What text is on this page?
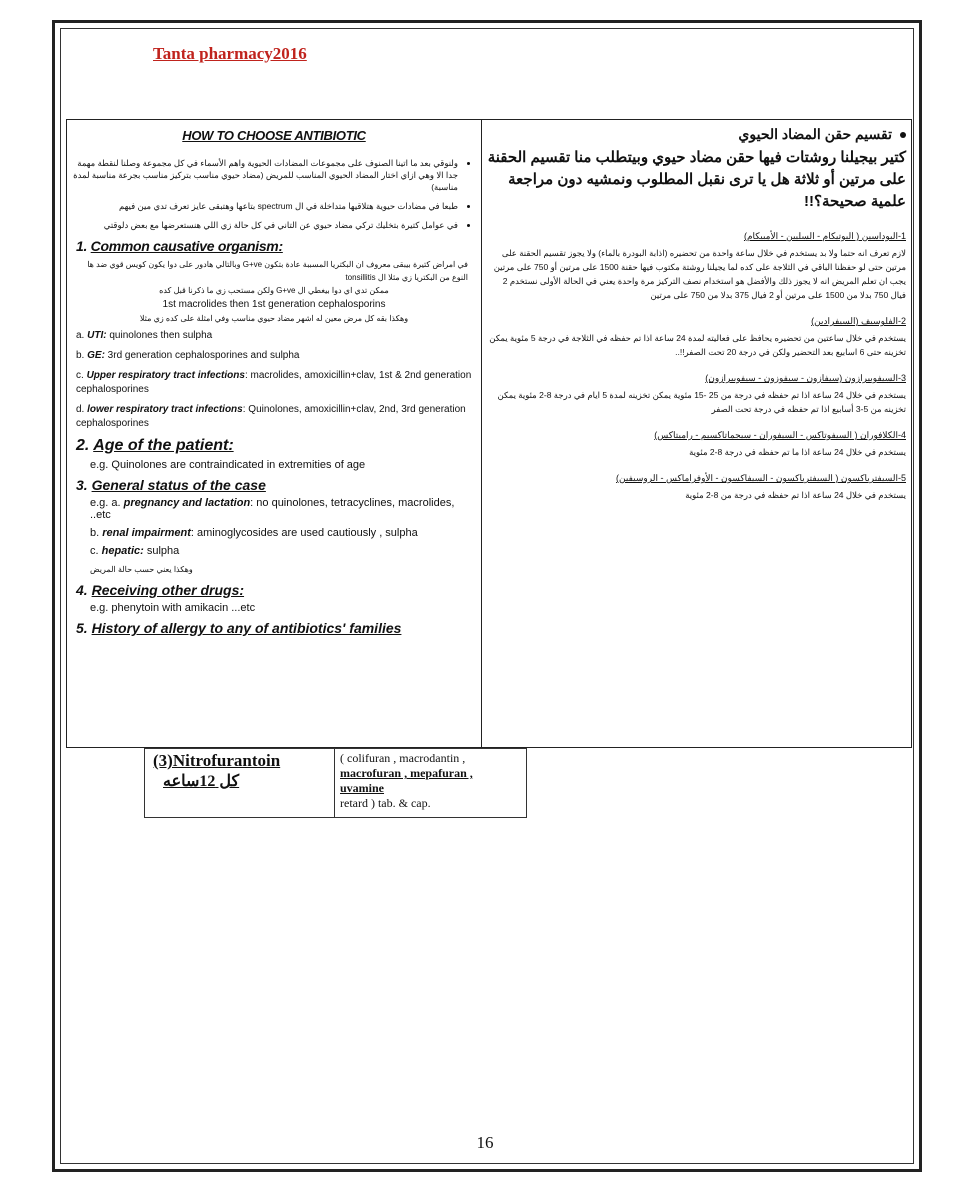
Tanta pharmacy2016
HOW TO CHOOSE ANTIBIOTIC
• ولنوقي بعد ما اتينا الصنوف على مجموعات المضادات الحيوية واهم الأسماء في كل مجموعة وصلنا لنقطة مهمة جدا الا وهي ازاي اختار المضاد الحيوي المناسب للمريض (مضاد حيوي مناسب بتركيز مناسب بجرعة مناسبة لمدة مناسبة)
• طبعا في مضادات حيوية هتلاقيها متداخلة في ال spectrum بتاعها وهتبقى عايز تعرف تدي مين فيهم
• في عوامل كتيرة بتخليك تركي مضاد حيوي عن التاني في كل حالة زي اللي هنستعرضها مع بعض دلوقتي
1. Common causative organism:
في امراض كتيرة بيبقى معروف ان البكتريا المسببة عادة بتكون G+ve وبالتالي هادور على دوا يكون كويس قوي ضد ها النوع من البكتريا زي مثلا ال tonsillitis
ممكن تدي اي دوا بيغطي ال G+ve ولكن مستحب زي ما ذكرنا قبل كده
1st macrolides then 1st generation cephalosporins
وهكذا بقه كل مرض معين له اشهر مضاد حيوي مناسب وفي امثلة على كده زي مثلا
a. UTI: quinolones then sulpha
b. GE: 3rd generation cephalosporines and sulpha
c. Upper respiratory tract infections: macrolides, amoxicillin+clav, 1st & 2nd generation cephalosporines
d. lower respiratory tract infections: Quinolones, amoxicillin+clav, 2nd, 3rd generation cephalosporines
2. Age of the patient:
e.g. Quinolones are contraindicated in extremities of age
3. General status of the case
e.g. a. pregnancy and lactation: no quinolones, tetracyclines, macrolides, ..etc
b. renal impairment: aminoglycosides are used cautiously , sulpha
c. hepatic: sulpha
وهكذا يعني حسب حالة المريض
4. Receiving other drugs:
e.g. phenytoin with amikacin ...etc
5. History of allergy to any of antibiotics' families
تقسيم حقن المضاد الحيوي
كتير بيجيلنا روشتات فيها حقن مضاد حيوي وبيتطلب منا تقسيم الحقنة على مرتين أو ثلاثة هل يا ترى نقبل المطلوب ونمشيه دون مراجعة علمية صحيحة؟!!
1-البوداسين ( البوتيكام - السليين - الأمبيكام)
لازم تعرف انه حتما ولا بد يستخدم في خلال ساعة واحدة من تحضيره (اذابة البودرة بالماء) ولا يجوز تقسيم الحقنة على مرتين حتى لو حفظنا الباقي في الثلاجة على كده لما يجيلنا روشتة مكتوب فيها حقنة 1500 على مرتين أو 750 على مرتين يجب ان تعلم المريض انه لا يجوز ذلك والأفضل هو استخدام نصف التركيز مرة واحدة يعني في الحالة الأولى نستخدم 2 فيال 750 بدلا من 1500 على مرتين أو 2 فيال 375 بدلا من 750 على مرتين
2-الفلوسيف (السيفرادين)
يستخدم في خلال ساعتين من تحضيره يحافظ على فعاليته لمدة 24 ساعة اذا تم حفظه في الثلاجة في درجة 5 مئوية يمكن تخزينه حتى 6 اسابيع بعد التحضير ولكن في درجة 20 تحت الصفر!!..
3-السيفوبيرازون (سيفازون - سيفوزون - سيفوبيرازون)
يستخدم في خلال 24 ساعة اذا تم حفظه في درجة من 25 -15 مئوية يمكن تخزينه لمدة 5 ايام في درجة 8-2 مئوية يمكن تخزينه من 5-3 أسابيع اذا تم حفظه في درجة تحت الصفر
4-الكلافوران ( السيفوتاكس - السيفوران - سيجماتاكسيم - راميتاكس)
يستخدم في خلال 24 ساعة اذا ما تم حفظه في درجة 8-2 مئوية
5-السيفترياكسون ( السيفترياكسون - السيفاكسون - الأوفراماكس - الروسيفين)
يستخدم في خلال 24 ساعة اذا تم حفظه في درجة من 8-2 مئوية
(3)Nitrofurantoin
كل 12ساعه
( colifuran , macrodantin ,
macrofuran , mepafuran ,
uvamine
retard ) tab. & cap.
16
